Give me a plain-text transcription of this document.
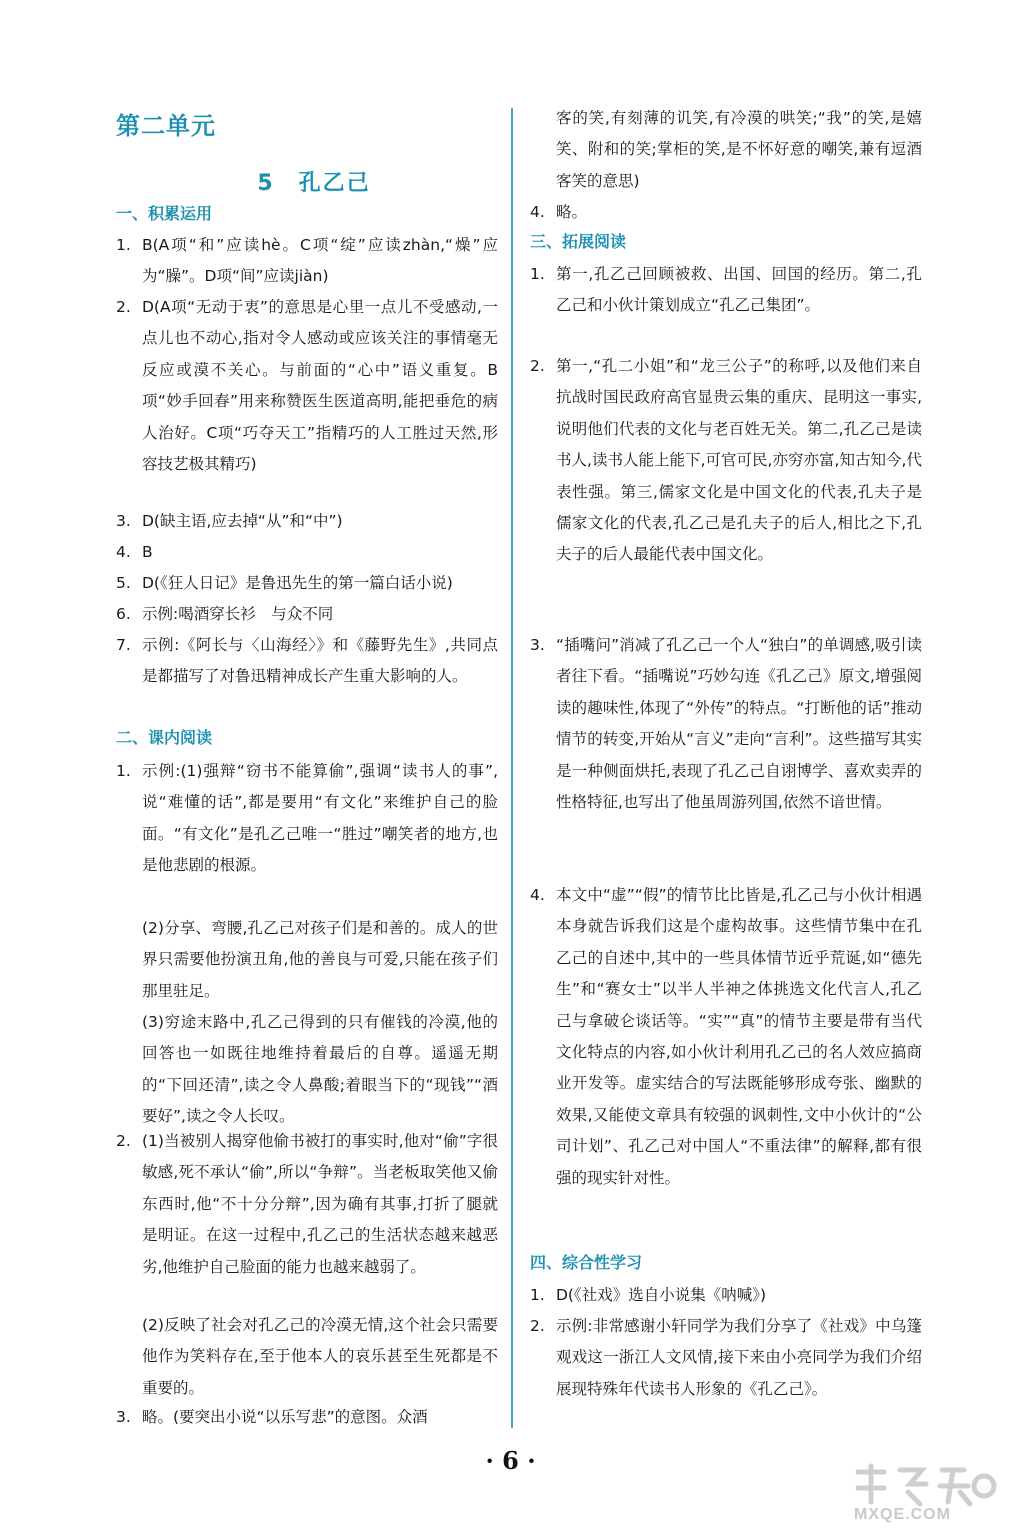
第二单元
5　孔乙己
一、积累运用
1. B(A项“和”应读hè。C项“绽”应读zhàn,“燥”应为“臊”。D项“间”应读jiàn)
2. D(A项“无动于衷”的意思是心里一点儿不受感动,一点儿也不动心,指对令人感动或应该关注的事情毫无反应或漠不关心。与前面的“心中”语义重复。B项“妙手回春”用来称赞医生医道高明,能把垂危的病人治好。C项“巧夺天工”指精巧的人工胜过天然,形容技艺极其精巧)
3. D(缺主语,应去掉“从”和“中”)
4. B
5. D(《狂人日记》是鲁迅先生的第一篇白话小说)
6. 示例:喝酒穿长衫　与众不同
7. 示例:《阿长与〈山海经〉》和《藤野先生》,共同点是都描写了对鲁迅精神成长产生重大影响的人。
二、课内阅读
1. 示例:(1)强辩“窃书不能算偷”,强调“读书人的事”,说“难懂的话”,都是要用“有文化”来维护自己的脸面。“有文化”是孔乙己唯一“胜过”嘲笑者的地方,也是他悲剧的根源。
(2)分享、弯腰,孔乙己对孩子们是和善的。成人的世界只需要他扮演丑角,他的善良与可爱,只能在孩子们那里驻足。
(3)穷途末路中,孔乙己得到的只有催钱的冷漠,他的回答也一如既往地维持着最后的自尊。遥遥无期的“下回还清”,读之令人鼻酸;着眼当下的“现钱”“酒要好”,读之令人长叹。
2. (1)当被别人揭穿他偷书被打的事实时,他对“偷”字很敏感,死不承认“偷”,所以“争辩”。当老板取笑他又偷东西时,他“不十分分辩”,因为确有其事,打折了腿就是明证。在这一过程中,孔乙己的生活状态越来越恶劣,他维护自己脸面的能力也越来越弱了。
(2)反映了社会对孔乙己的冷漠无情,这个社会只需要他作为笑料存在,至于他本人的哀乐甚至生死都是不重要的。
3. 略。(要突出小说“以乐写悲”的意图。众酒
客的笑,有刻薄的讥笑,有冷漠的哄笑;“我”的笑,是嬉笑、附和的笑;掌柜的笑,是不怀好意的嘲笑,兼有逗酒客笑的意思)
4. 略。
三、拓展阅读
1. 第一,孔乙己回顾被救、出国、回国的经历。第二,孔乙己和小伙计策划成立“孔乙己集团”。
2. 第一,“孔二小姐”和“龙三公子”的称呼,以及他们来自抗战时国民政府高官显贵云集的重庆、昆明这一事实,说明他们代表的文化与老百姓无关。第二,孔乙己是读书人,读书人能上能下,可官可民,亦穷亦富,知古知今,代表性强。第三,儒家文化是中国文化的代表,孔夫子是儒家文化的代表,孔乙己是孔夫子的后人,相比之下,孔夫子的后人最能代表中国文化。
3. “插嘴问”消减了孔乙己一个人“独白”的单调感,吸引读者往下看。“插嘴说”巧妙勾连《孔乙己》原文,增强阅读的趣味性,体现了“外传”的特点。“打断他的话”推动情节的转变,开始从“言义”走向“言利”。这些描写其实是一种侧面烘托,表现了孔乙己自诩博学、喜欢卖弄的性格特征,也写出了他虽周游列国,依然不谙世情。
4. 本文中“虚”“假”的情节比比皆是,孔乙己与小伙计相遇本身就告诉我们这是个虚构故事。这些情节集中在孔乙己的自述中,其中的一些具体情节近乎荒诞,如“德先生”和“赛女士”以半人半神之体挑选文化代言人,孔乙己与拿破仑谈话等。“实”“真”的情节主要是带有当代文化特点的内容,如小伙计利用孔乙己的名人效应搞商业开发等。虚实结合的写法既能够形成夸张、幽默的效果,又能使文章具有较强的讽刺性,文中小伙计的“公司计划”、孔乙己对中国人“不重法律”的解释,都有很强的现实针对性。
四、综合性学习
1. D(《社戏》选自小说集《呐喊》)
2. 示例:非常感谢小轩同学为我们分享了《社戏》中乌篷观戏这一浙江人文风情,接下来由小亮同学为我们介绍展现特殊年代读书人形象的《孔乙己》。
· 6 ·
MXQE.COM
